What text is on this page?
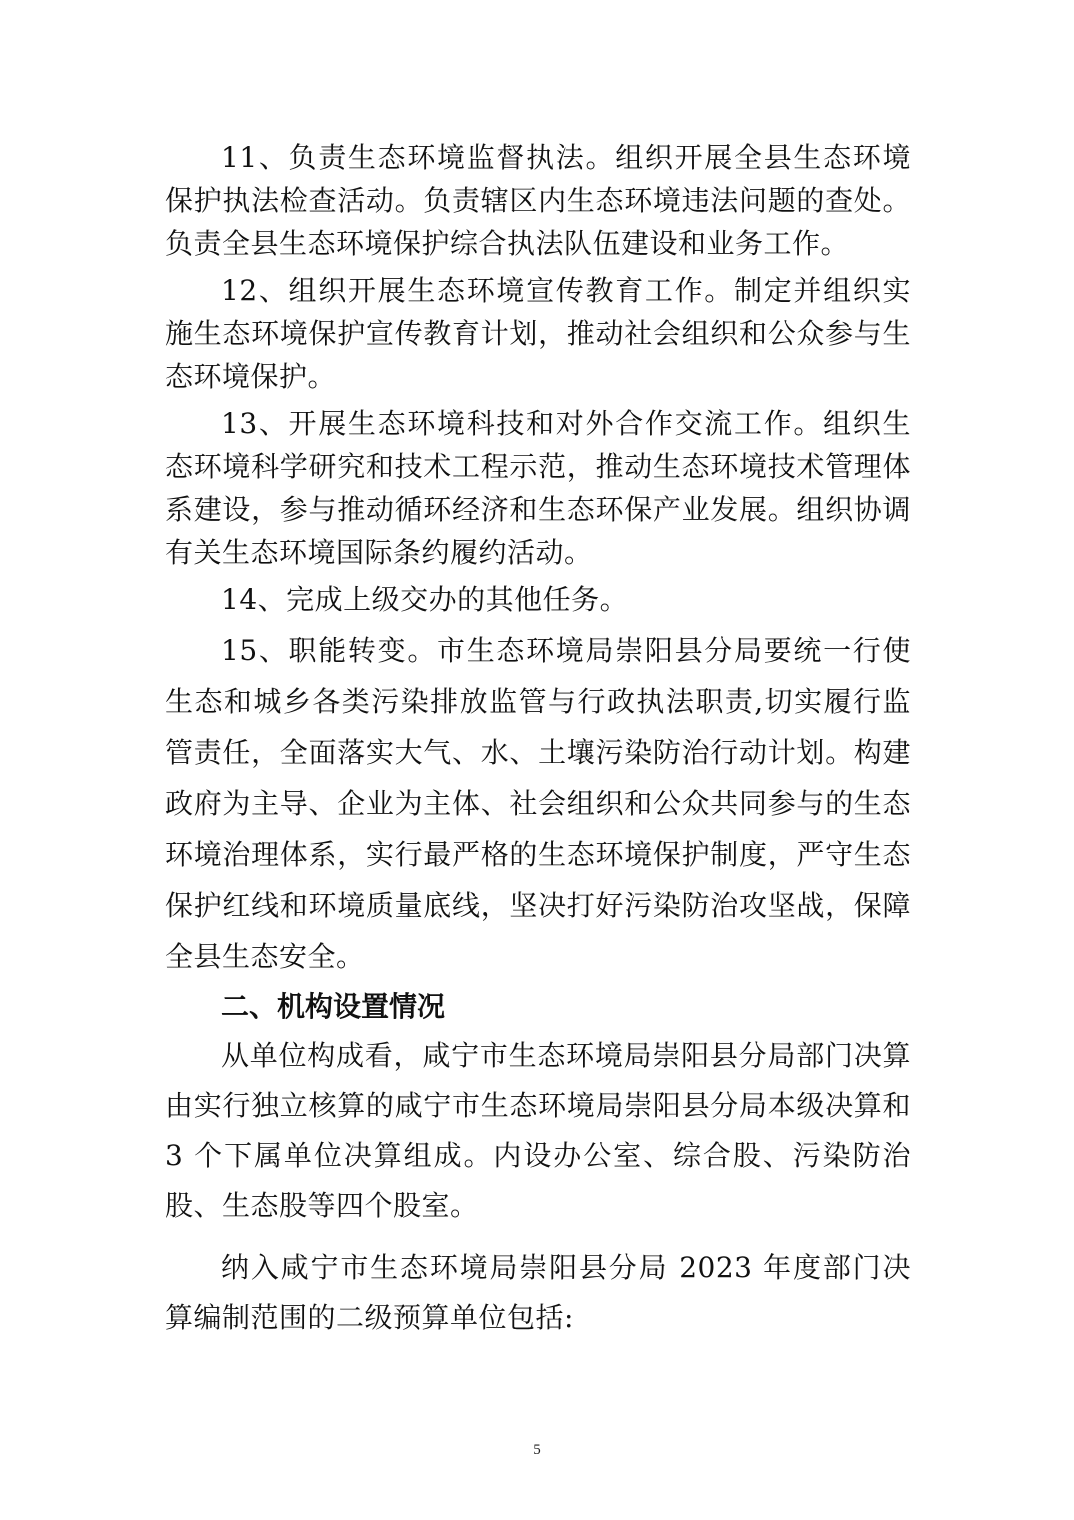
11、负责生态环境监督执法。组织开展全县生态环境保护执法检查活动。负责辖区内生态环境违法问题的查处。负责全县生态环境保护综合执法队伍建设和业务工作。

12、组织开展生态环境宣传教育工作。制定并组织实施生态环境保护宣传教育计划，推动社会组织和公众参与生态环境保护。

13、开展生态环境科技和对外合作交流工作。组织生态环境科学研究和技术工程示范，推动生态环境技术管理体系建设，参与推动循环经济和生态环保产业发展。组织协调有关生态环境国际条约履约活动。

14、完成上级交办的其他任务。

15、职能转变。市生态环境局崇阳县分局要统一行使生态和城乡各类污染排放监管与行政执法职责,切实履行监管责任，全面落实大气、水、土壤污染防治行动计划。构建政府为主导、企业为主体、社会组织和公众共同参与的生态环境治理体系，实行最严格的生态环境保护制度，严守生态保护红线和环境质量底线，坚决打好污染防治攻坚战，保障全县生态安全。

二、机构设置情况

从单位构成看，咸宁市生态环境局崇阳县分局部门决算由实行独立核算的咸宁市生态环境局崇阳县分局本级决算和 3 个下属单位决算组成。内设办公室、综合股、污染防治股、生态股等四个股室。

纳入咸宁市生态环境局崇阳县分局 2023 年度部门决算编制范围的二级预算单位包括:

5
